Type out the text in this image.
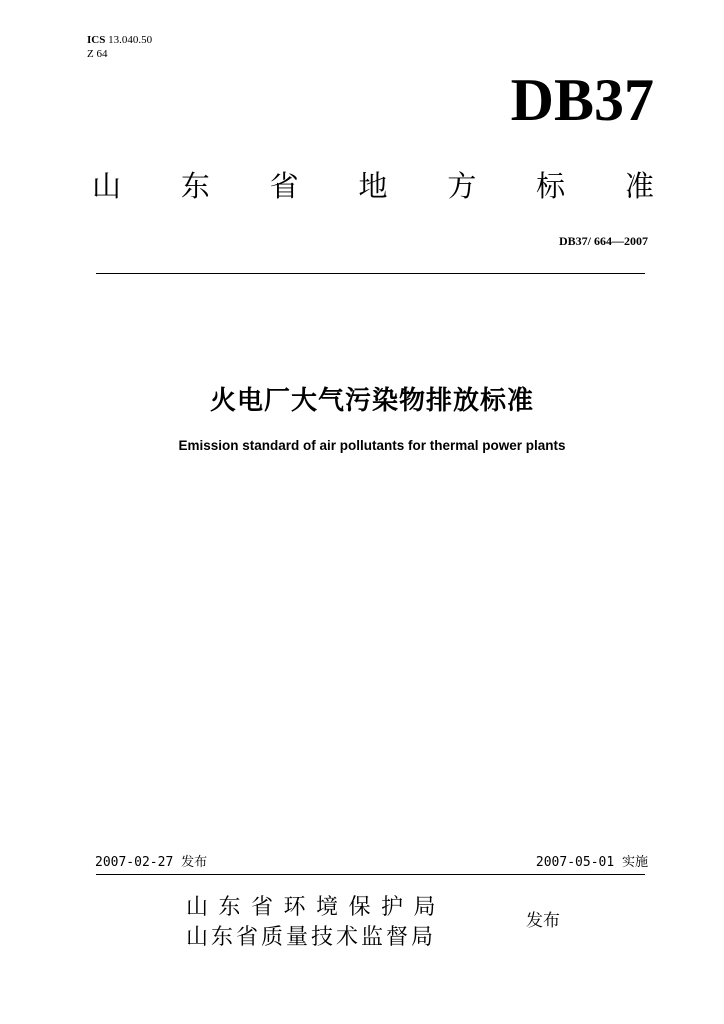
ICS 13.040.50
Z 64
DB37
山 东 省 地 方 标 准
DB37/ 664—2007
火电厂大气污染物排放标准
Emission standard of air pollutants for thermal power plants
2007-02-27 发布	2007-05-01 实施
山东省环境保护局
山东省质量技术监督局
发布
